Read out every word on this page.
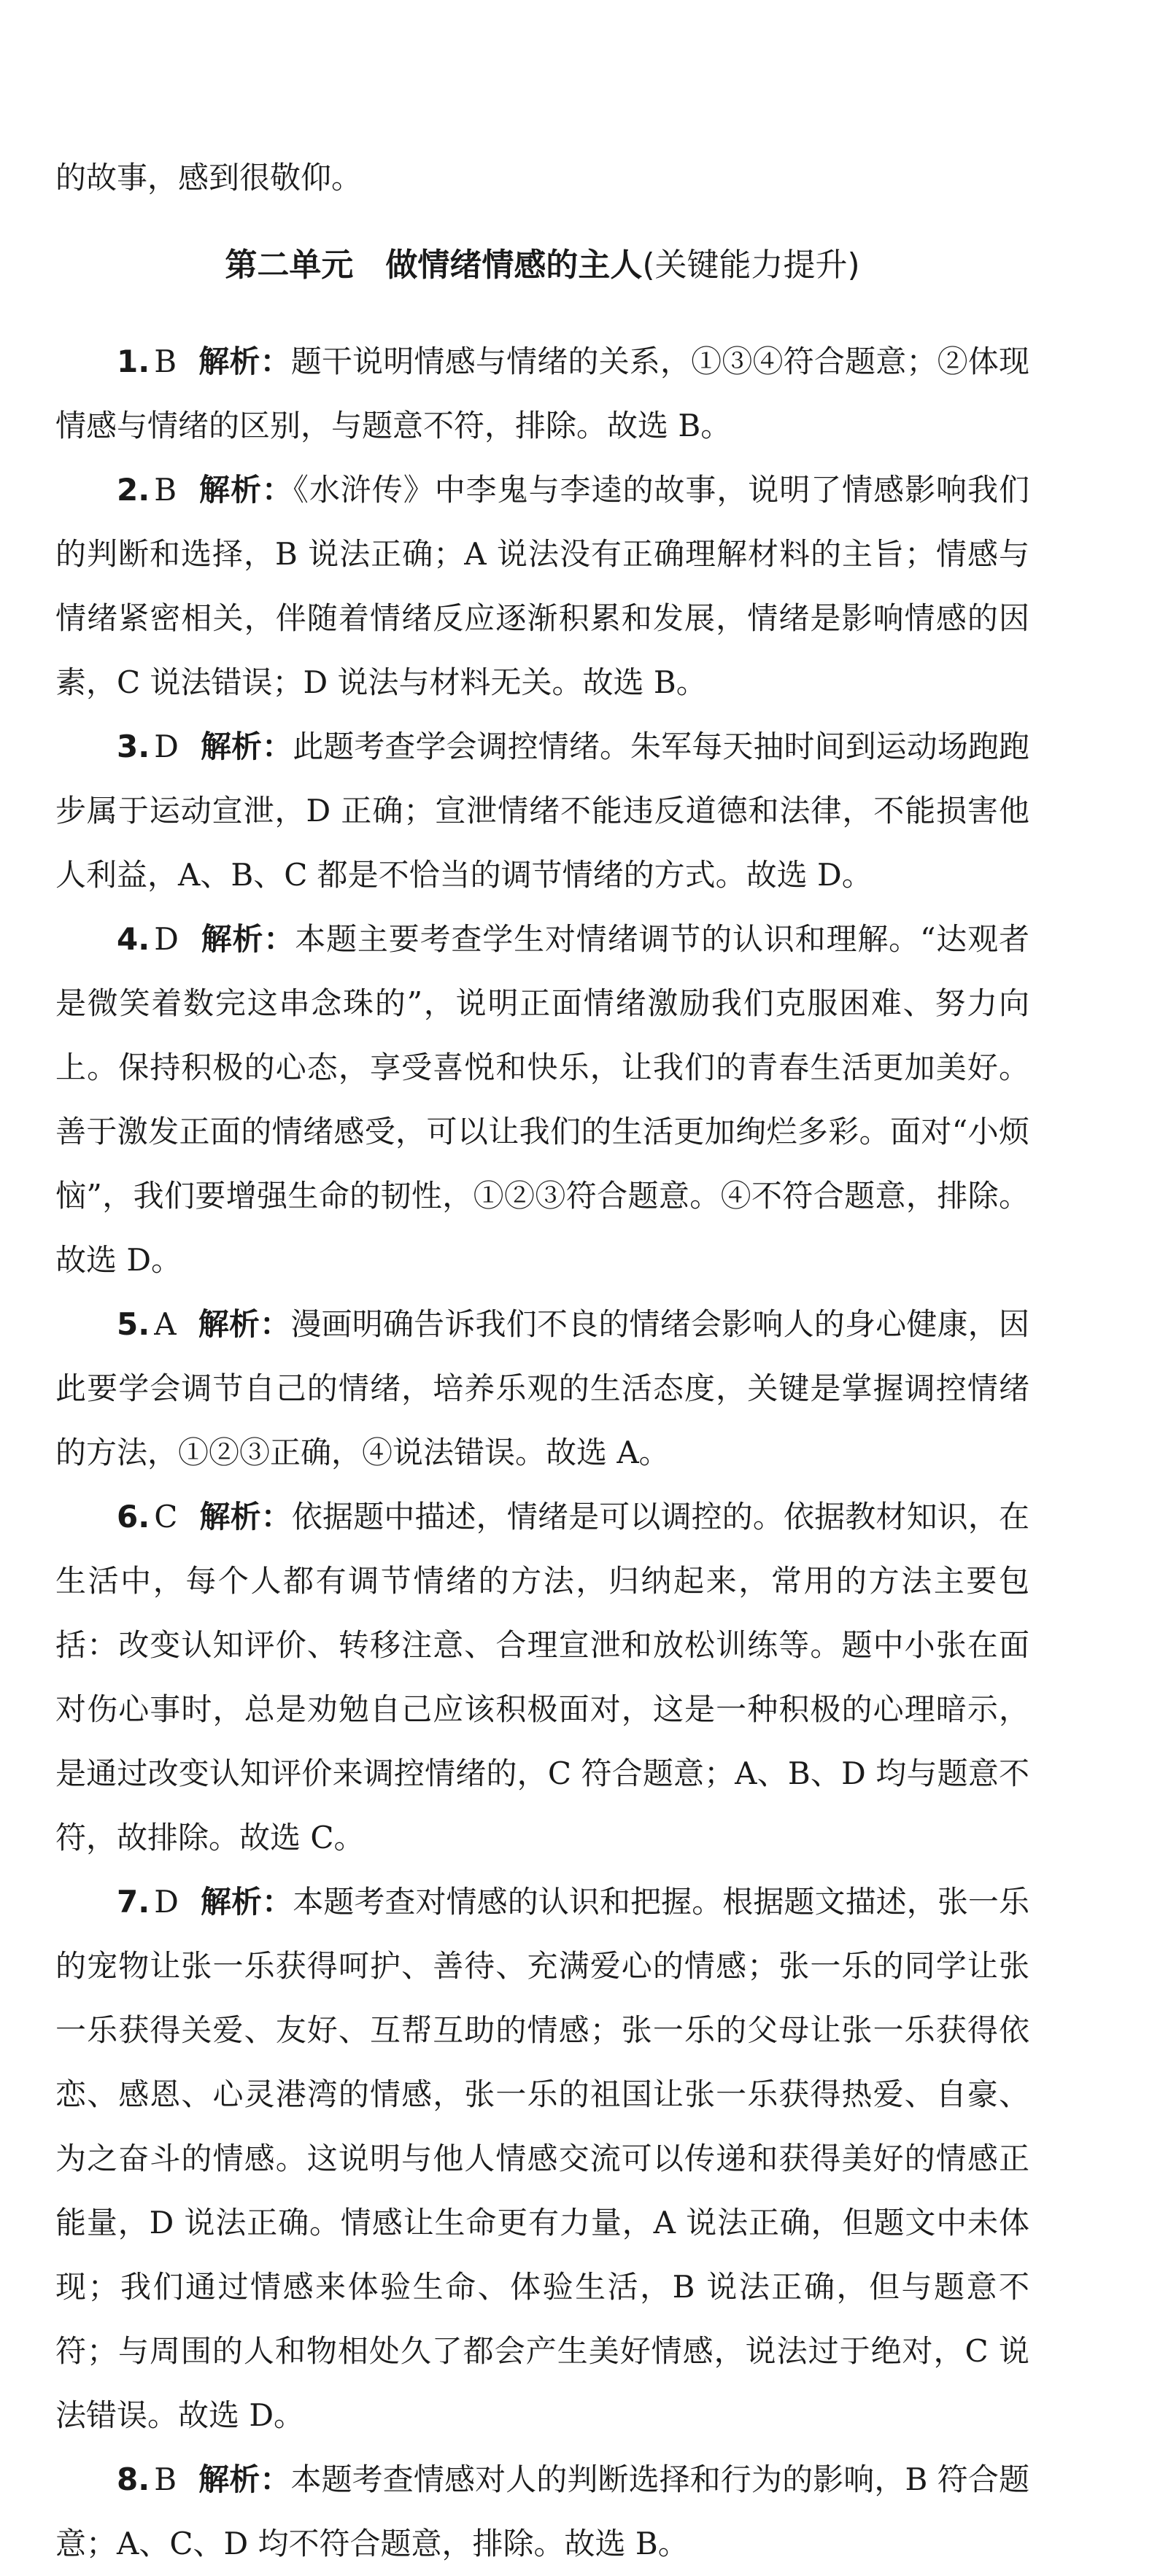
的故事，感到很敬仰。

第二单元　做情绪情感的主人(关键能力提升)

1. B 解析：题干说明情感与情绪的关系，①③④符合题意；②体现情感与情绪的区别，与题意不符，排除。故选 B。

2. B 解析：《水浒传》中李鬼与李逵的故事，说明了情感影响我们的判断和选择，B 说法正确；A 说法没有正确理解材料的主旨；情感与情绪紧密相关，伴随着情绪反应逐渐积累和发展，情绪是影响情感的因素，C 说法错误；D 说法与材料无关。故选 B。

3. D 解析：此题考查学会调控情绪。朱军每天抽时间到运动场跑跑步属于运动宣泄，D 正确；宣泄情绪不能违反道德和法律，不能损害他人利益，A、B、C 都是不恰当的调节情绪的方式。故选 D。

4. D 解析：本题主要考查学生对情绪调节的认识和理解。“达观者是微笑着数完这串念珠的”，说明正面情绪激励我们克服困难、努力向上。保持积极的心态，享受喜悦和快乐，让我们的青春生活更加美好。善于激发正面的情绪感受，可以让我们的生活更加绚烂多彩。面对“小烦恼”，我们要增强生命的韧性，①②③符合题意。④不符合题意，排除。故选 D。

5. A 解析：漫画明确告诉我们不良的情绪会影响人的身心健康，因此要学会调节自己的情绪，培养乐观的生活态度，关键是掌握调控情绪的方法，①②③正确，④说法错误。故选 A。

6. C 解析：依据题中描述，情绪是可以调控的。依据教材知识，在生活中，每个人都有调节情绪的方法，归纳起来，常用的方法主要包括：改变认知评价、转移注意、合理宣泄和放松训练等。题中小张在面对伤心事时，总是劝勉自己应该积极面对，这是一种积极的心理暗示，是通过改变认知评价来调控情绪的，C 符合题意；A、B、D 均与题意不符，故排除。故选 C。

7. D 解析：本题考查对情感的认识和把握。根据题文描述，张一乐的宠物让张一乐获得呵护、善待、充满爱心的情感；张一乐的同学让张一乐获得关爱、友好、互帮互助的情感；张一乐的父母让张一乐获得依恋、感恩、心灵港湾的情感，张一乐的祖国让张一乐获得热爱、自豪、为之奋斗的情感。这说明与他人情感交流可以传递和获得美好的情感正能量，D 说法正确。情感让生命更有力量，A 说法正确，但题文中未体现；我们通过情感来体验生命、体验生活，B 说法正确，但与题意不符；与周围的人和物相处久了都会产生美好情感，说法过于绝对，C 说法错误。故选 D。

8. B 解析：本题考查情感对人的判断选择和行为的影响，B 符合题意；A、C、D 均不符合题意，排除。故选 B。
